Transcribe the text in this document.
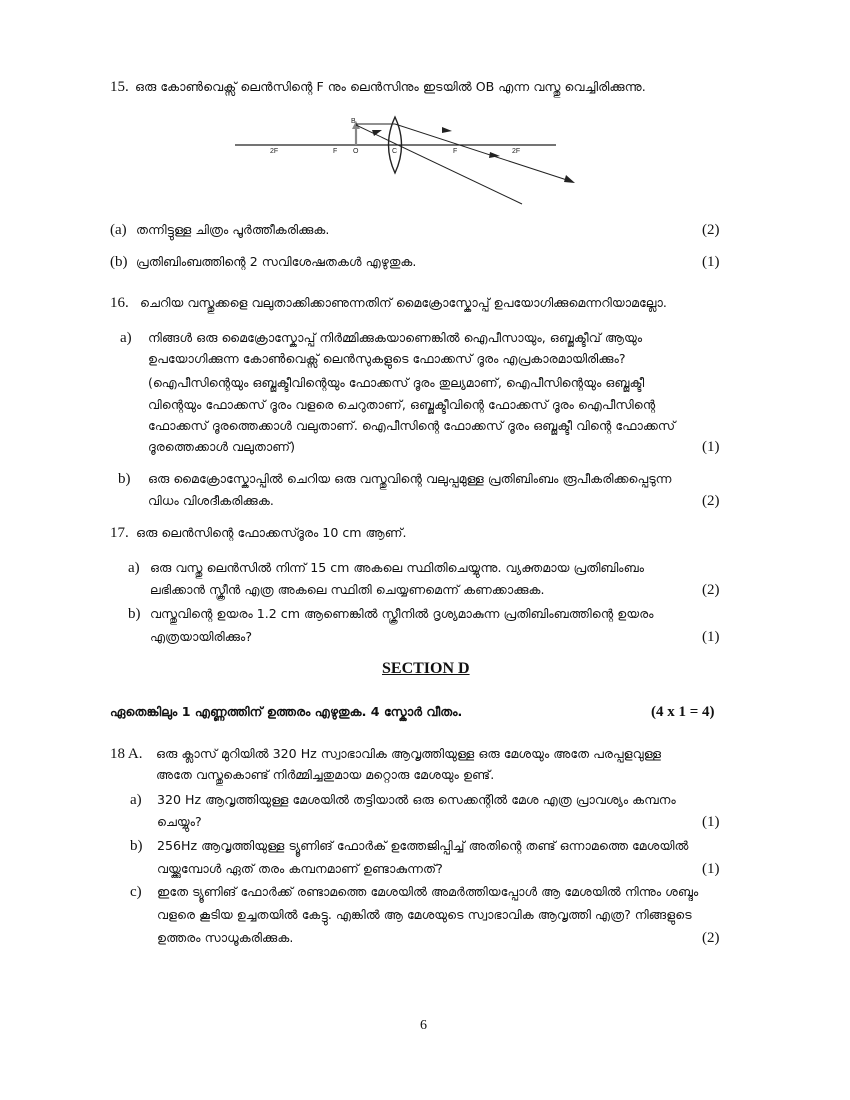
15. ഒരു കോൺവെക്സ് ലെൻസിന്റെ F നും ലെൻസിനും ഇടയിൽ OB എന്ന വസ്തു വെച്ചിരിക്കുന്നു.
B
O
F
2F	C	F	2F
(a) തന്നിട്ടുള്ള ചിത്രം പൂർത്തീകരിക്കുക.	(2)
(b) പ്രതിബിംബത്തിന്റെ 2 സവിശേഷതകൾ എഴുതുക.	(1)
16. ചെറിയ വസ്തുക്കളെ വലുതാക്കിക്കാണുന്നതിന് മൈക്രോസ്കോപ്പ് ഉപയോഗിക്കുമെന്നറിയാമല്ലോ.
a) നിങ്ങൾ ഒരു മൈക്രോസ്കോപ്പ് നിർമ്മിക്കുകയാണെങ്കിൽ ഐപീസായും, ഒബ്ജക്ടീവ് ആയും
ഉപയോഗിക്കുന്ന കോൺവെക്സ് ലെൻസുകളുടെ ഫോക്കസ് ദൂരം എപ്രകാരമായിരിക്കും?
(ഐപീസിന്റെയും ഒബ്ജക്ടീവിന്റെയും ഫോക്കസ് ദൂരം തുല്യമാണ്, ഐപീസിന്റെയും ഒബ്ജക്ടീ
വിന്റെയും ഫോക്കസ് ദൂരം വളരെ ചെറുതാണ്, ഒബ്ജക്ടീവിന്റെ ഫോക്കസ് ദൂരം ഐപീസിന്റെ
ഫോക്കസ് ദൂരത്തെക്കാൾ വലുതാണ്. ഐപീസിന്റെ ഫോക്കസ് ദൂരം ഒബ്ജക്ടീ വിന്റെ ഫോക്കസ്
ദൂരത്തെക്കാൾ വലുതാണ്)	(1)
b) ഒരു മൈക്രോസ്കോപ്പിൽ ചെറിയ ഒരു വസ്തുവിന്റെ വലുപ്പമുള്ള പ്രതിബിംബം രൂപീകരിക്കപ്പെടുന്ന
വിധം വിശദീകരിക്കുക.	(2)
17. ഒരു ലെൻസിന്റെ ഫോക്കസ്ദൂരം 10 cm ആണ്.
a) ഒരു വസ്തു ലെൻസിൽ നിന്ന് 15 cm അകലെ സ്ഥിതിചെയ്യുന്നു. വ്യക്തമായ പ്രതിബിംബം
ലഭിക്കാൻ സ്ക്രീൻ എത്ര അകലെ സ്ഥിതി ചെയ്യണമെന്ന് കണക്കാക്കുക.	(2)
b) വസ്തുവിന്റെ ഉയരം 1.2 cm ആണെങ്കിൽ സ്ക്രീനിൽ ദൃശ്യമാകുന്ന പ്രതിബിംബത്തിന്റെ ഉയരം
എത്രയായിരിക്കും?	(1)
SECTION D
ഏതെങ്കിലും 1 എണ്ണത്തിന് ഉത്തരം എഴുതുക. 4 സ്കോർ വീതം.	(4 x 1 = 4)
18 A. ഒരു ക്ലാസ് മുറിയിൽ 320 Hz സ്വാഭാവിക ആവൃത്തിയുള്ള ഒരു മേശയും അതേ പരപ്പളവുള്ള
അതേ വസ്തുകൊണ്ട് നിർമ്മിച്ചതുമായ മറ്റൊരു മേശയും ഉണ്ട്.
a) 320 Hz ആവൃത്തിയുള്ള മേശയിൽ തട്ടിയാൽ ഒരു സെക്കന്റിൽ മേശ എത്ര പ്രാവശ്യം കമ്പനം
ചെയ്യും?	(1)
b) 256Hz ആവൃത്തിയുള്ള ട്യൂണിങ് ഫോർക് ഉത്തേജിപ്പിച്ച് അതിന്റെ തണ്ട് ഒന്നാമത്തെ മേശയിൽ
വയ്ക്കുമ്പോൾ ഏത് തരം കമ്പനമാണ് ഉണ്ടാകുന്നത്?	(1)
c) ഇതേ ട്യൂണിങ് ഫോർക്ക് രണ്ടാമത്തെ മേശയിൽ അമർത്തിയപ്പോൾ ആ മേശയിൽ നിന്നും ശബ്ദം
വളരെ കൂടിയ ഉച്ചതയിൽ കേട്ടു. എങ്കിൽ ആ മേശയുടെ സ്വാഭാവിക ആവൃത്തി എത്ര? നിങ്ങളുടെ
ഉത്തരം സാധൂകരിക്കുക.	(2)
6
